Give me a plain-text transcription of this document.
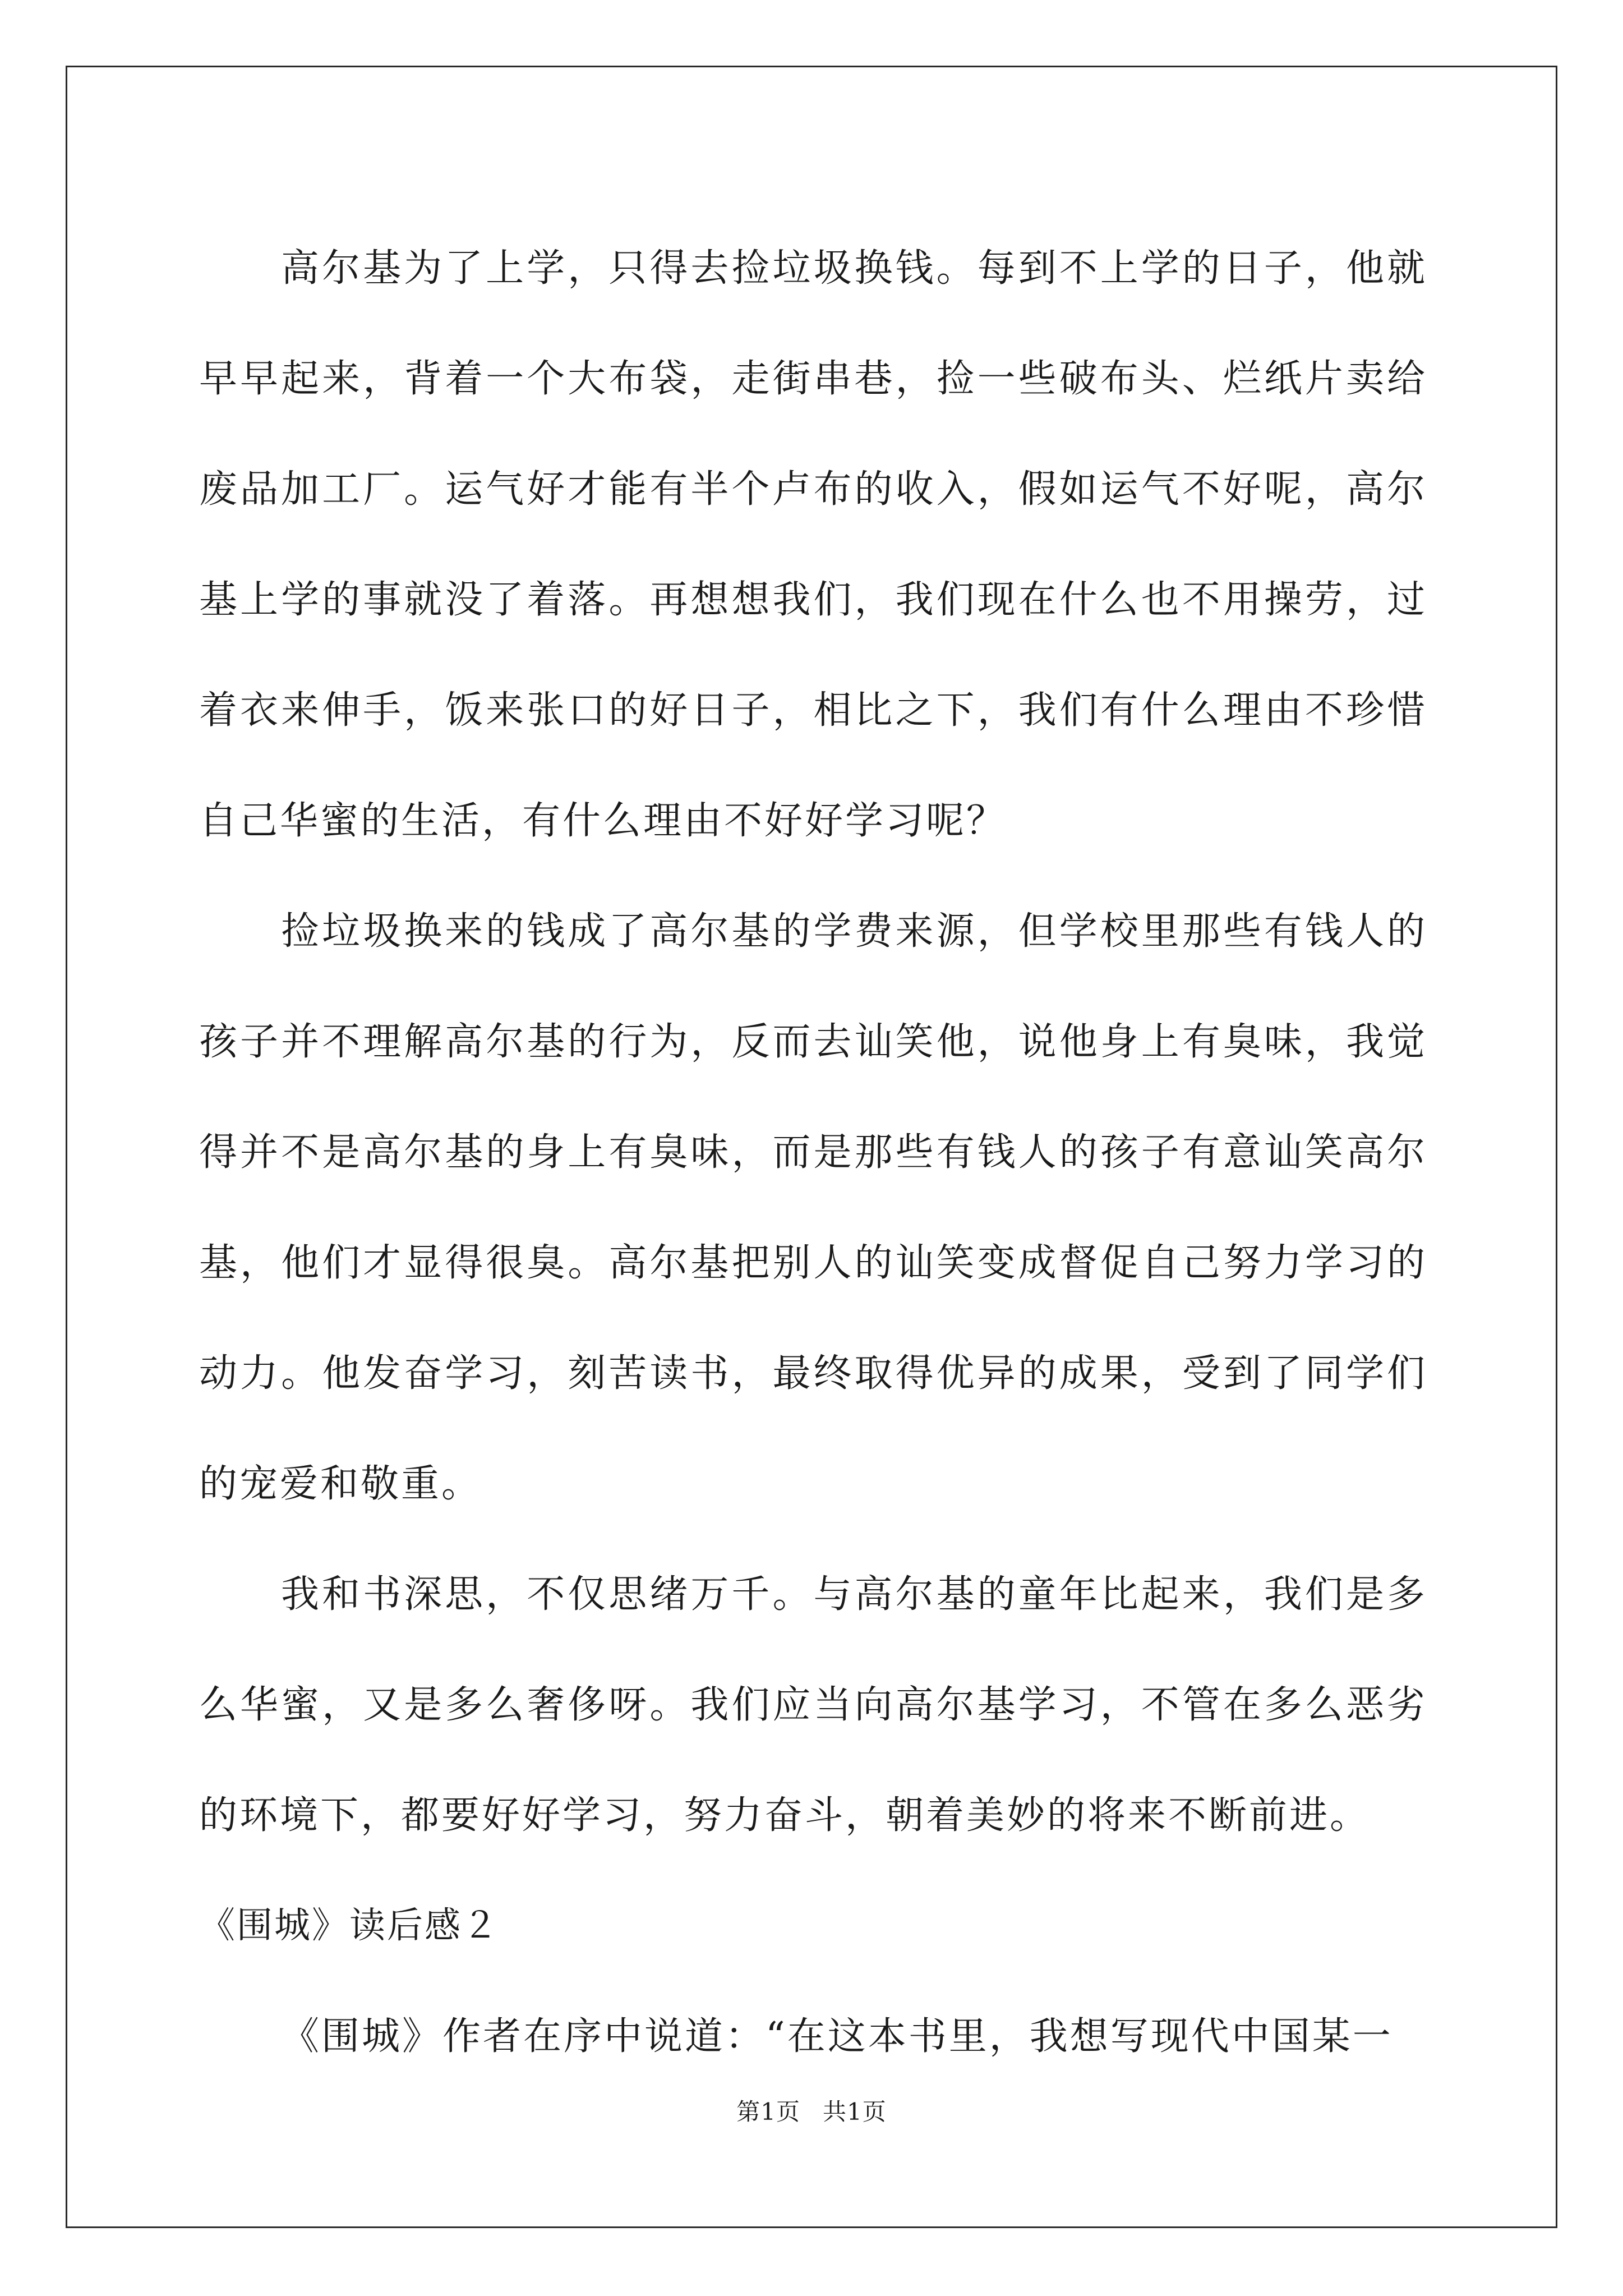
高尔基为了上学，只得去捡垃圾换钱。每到不上学的日子，他就早早起来，背着一个大布袋，走街串巷，捡一些破布头、烂纸片卖给废品加工厂。运气好才能有半个卢布的收入，假如运气不好呢，高尔基上学的事就没了着落。再想想我们，我们现在什么也不用操劳，过着衣来伸手，饭来张口的好日子，相比之下，我们有什么理由不珍惜自己华蜜的生活，有什么理由不好好学习呢？

捡垃圾换来的钱成了高尔基的学费来源，但学校里那些有钱人的孩子并不理解高尔基的行为，反而去讪笑他，说他身上有臭味，我觉得并不是高尔基的身上有臭味，而是那些有钱人的孩子有意讪笑高尔基，他们才显得很臭。高尔基把别人的讪笑变成督促自己努力学习的动力。他发奋学习，刻苦读书，最终取得优异的成果，受到了同学们的宠爱和敬重。

我和书深思，不仅思绪万千。与高尔基的童年比起来，我们是多么华蜜，又是多么奢侈呀。我们应当向高尔基学习，不管在多么恶劣的环境下，都要好好学习，努力奋斗，朝着美妙的将来不断前进。

《围城》读后感２

《围城》作者在序中说道：“在这本书里，我想写现代中国某一

第1页 共1页
